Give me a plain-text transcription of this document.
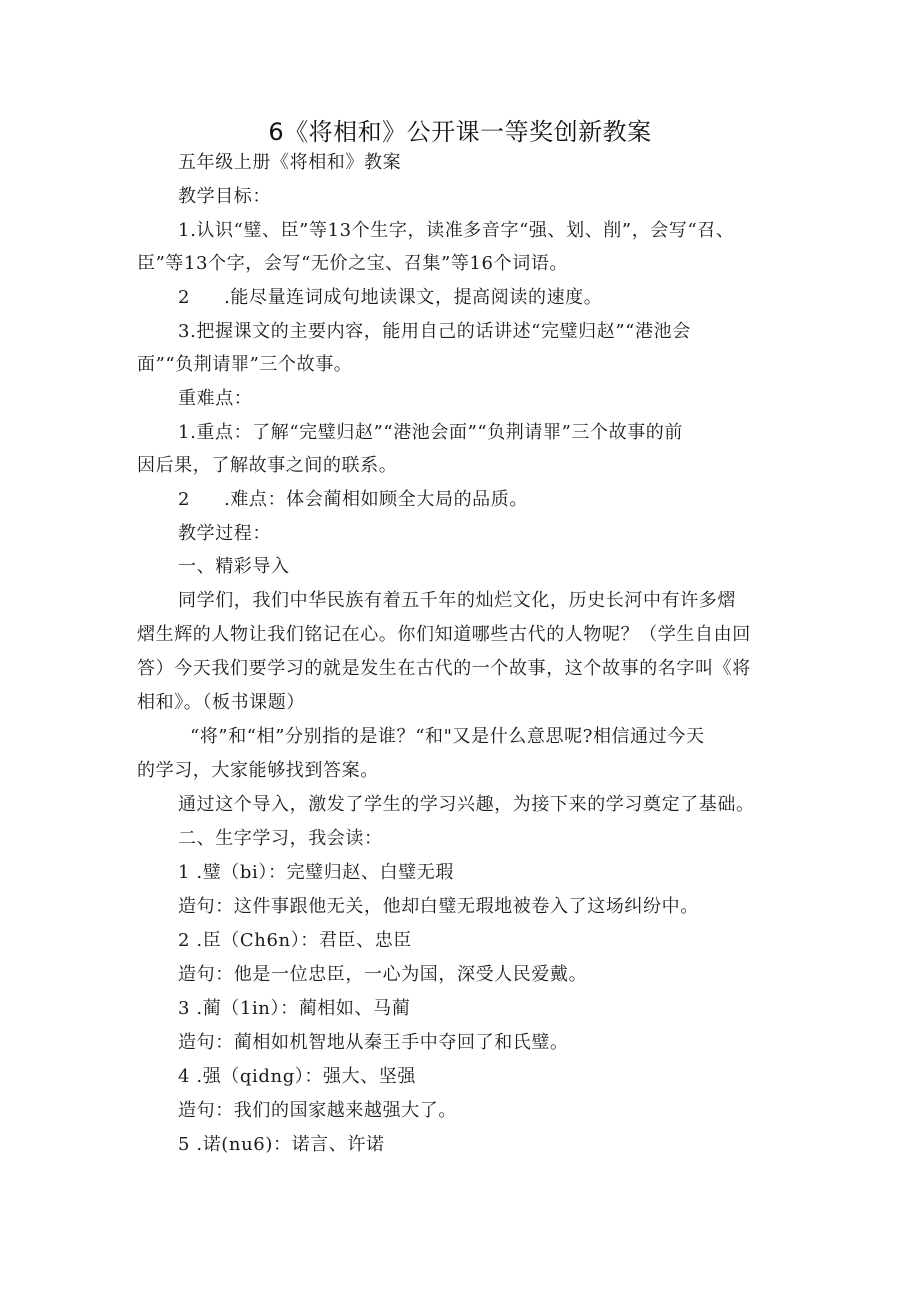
6《将相和》公开课一等奖创新教案
五年级上册《将相和》教案
教学目标：
1.认识“璧、臣”等13个生字，读准多音字“强、划、削”，会写“召、
臣”等13个字，会写“无价之宝、召集”等16个词语。
2 .能尽量连词成句地读课文，提高阅读的速度。
3.把握课文的主要内容，能用自己的话讲述“完璧归赵”“港池会
面”“负荆请罪”三个故事。
重难点：
1.重点：了解“完璧归赵”“港池会面”“负荆请罪”三个故事的前
因后果，了解故事之间的联系。
2 .难点：体会蔺相如顾全大局的品质。
教学过程：
一、精彩导入
同学们，我们中华民族有着五千年的灿烂文化，历史长河中有许多熠
熠生辉的人物让我们铭记在心。你们知道哪些古代的人物呢？（学生自由回
答）今天我们要学习的就是发生在古代的一个故事，这个故事的名字叫《将
相和》。（板书课题）
“将”和“相”分别指的是谁？“和"又是什么意思呢?相信通过今天
的学习，大家能够找到答案。
通过这个导入，激发了学生的学习兴趣，为接下来的学习奠定了基础。
二、生字学习，我会读：
1 .璧（bi）：完璧归赵、白璧无瑕
造句：这件事跟他无关，他却白璧无瑕地被卷入了这场纠纷中。
2 .臣（Ch6n）：君臣、忠臣
造句：他是一位忠臣，一心为国，深受人民爱戴。
3 .蔺（1in）：蔺相如、马蔺
造句：蔺相如机智地从秦王手中夺回了和氏璧。
4 .强（qidng）：强大、坚强
造句：我们的国家越来越强大了。
5 .诺(nu6)：诺言、许诺
